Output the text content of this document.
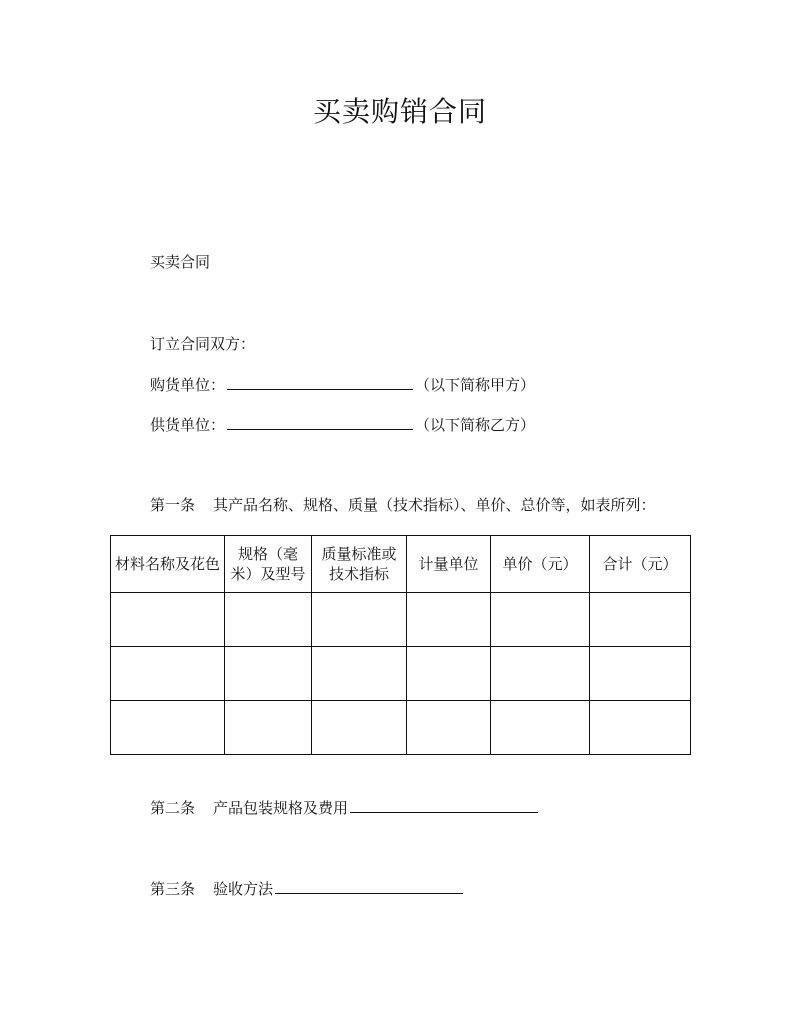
买卖购销合同
买卖合同
订立合同双方：
购货单位：	（以下简称甲方）
供货单位：	（以下简称乙方）
第一条 其产品名称、规格、质量（技术指标）、单价、总价等，如表所列：
材料名称及花色	规格（毫米）及型号	质量标准或技术指标	计量单位	单价（元）	合计（元）

第二条 产品包装规格及费用
第三条 验收方法
